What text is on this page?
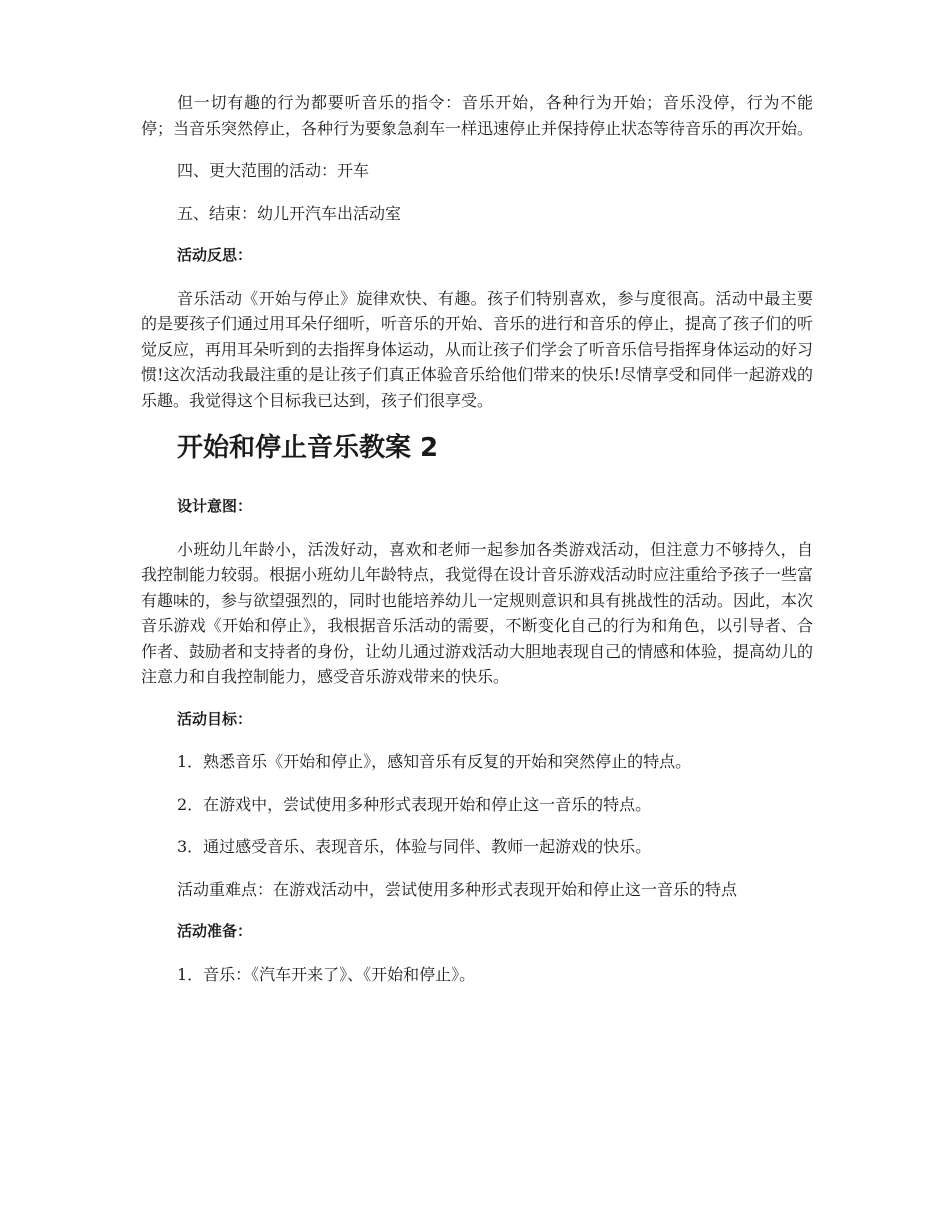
但一切有趣的行为都要听音乐的指令：音乐开始，各种行为开始；音乐没停，行为不能停；当音乐突然停止，各种行为要象急刹车一样迅速停止并保持停止状态等待音乐的再次开始。

四、更大范围的活动：开车

五、结束：幼儿开汽车出活动室

活动反思：

音乐活动《开始与停止》旋律欢快、有趣。孩子们特别喜欢，参与度很高。活动中最主要的是要孩子们通过用耳朵仔细听，听音乐的开始、音乐的进行和音乐的停止，提高了孩子们的听觉反应，再用耳朵听到的去指挥身体运动，从而让孩子们学会了听音乐信号指挥身体运动的好习惯!这次活动我最注重的是让孩子们真正体验音乐给他们带来的快乐!尽情享受和同伴一起游戏的乐趣。我觉得这个目标我已达到，孩子们很享受。

开始和停止音乐教案 2
设计意图：

小班幼儿年龄小，活泼好动，喜欢和老师一起参加各类游戏活动，但注意力不够持久，自我控制能力较弱。根据小班幼儿年龄特点，我觉得在设计音乐游戏活动时应注重给予孩子一些富有趣味的，参与欲望强烈的，同时也能培养幼儿一定规则意识和具有挑战性的活动。因此，本次音乐游戏《开始和停止》，我根据音乐活动的需要，不断变化自己的行为和角色，以引导者、合作者、鼓励者和支持者的身份，让幼儿通过游戏活动大胆地表现自己的情感和体验，提高幼儿的注意力和自我控制能力，感受音乐游戏带来的快乐。

活动目标：

1．熟悉音乐《开始和停止》，感知音乐有反复的开始和突然停止的特点。

2．在游戏中，尝试使用多种形式表现开始和停止这一音乐的特点。

3．通过感受音乐、表现音乐，体验与同伴、教师一起游戏的快乐。

活动重难点：在游戏活动中，尝试使用多种形式表现开始和停止这一音乐的特点

活动准备：

1．音乐：《汽车开来了》、《开始和停止》。
